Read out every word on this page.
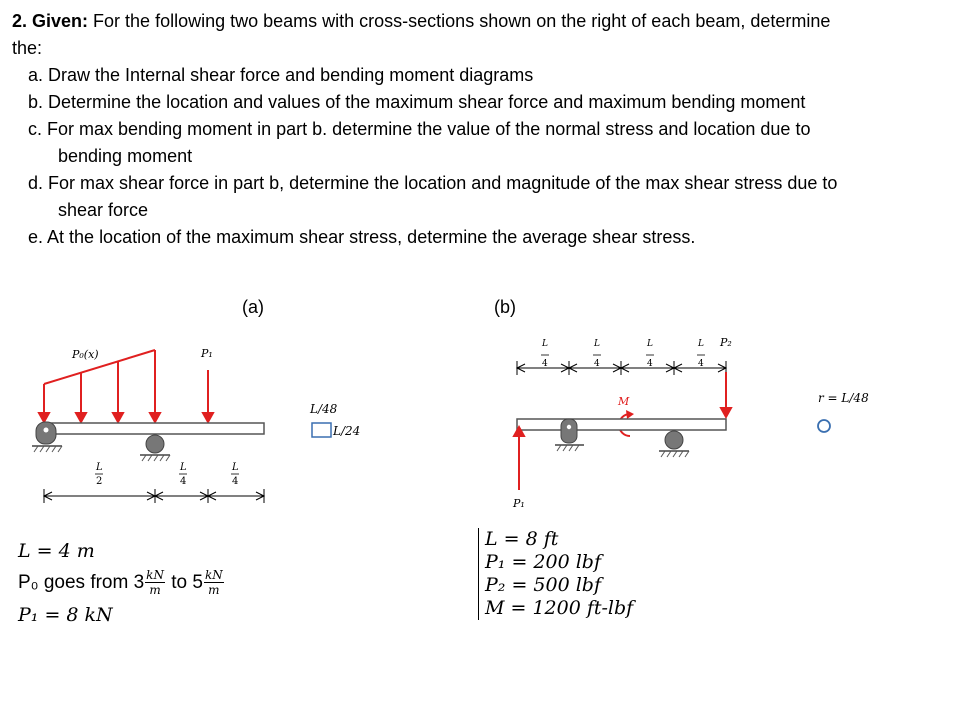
2. Given: For the following two beams with cross-sections shown on the right of each beam, determine
the:
a. Draw the Internal shear force and bending moment diagrams
b. Determine the location and values of the maximum shear force and maximum bending moment
c. For max bending moment in part b. determine the value of the normal stress and location due to
bending moment
d. For max shear force in part b, determine the location and magnitude of the max shear stress due to
shear force
e. At the location of the maximum shear stress, determine the average shear stress.
(a)	(b)
P₀(x)	P₁
L
2
L
4
L
4
L/48
L/24
L
4
L
4
L
4
L
4
P₂
M
P₁
r = L/48
L = 4 m
P₀ goes from $3 \frac{kN}{m}$ to $5 \frac{kN}{m}$
P₁ = 8 kN
L = 8 ft
P₁ = 200 lbf
P₂ = 500 lbf
M = 1200 ft-lbf
